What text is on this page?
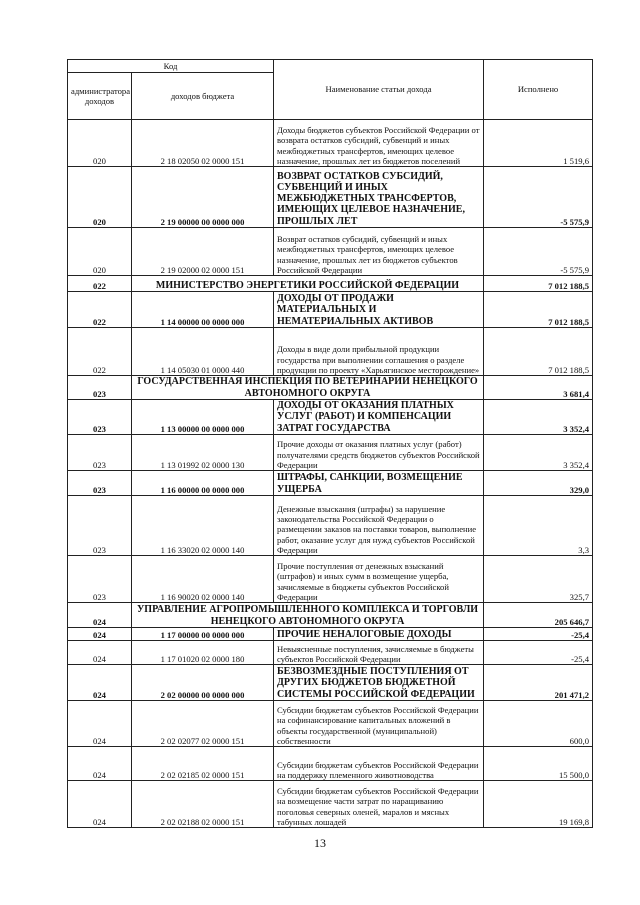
Код		Наименование статьи дохода	Исполнено
администратора доходов	доходов бюджета		
020	2 18 02050 02 0000 151	Доходы бюджетов субъектов Российской Федерации от возврата остатков субсидий, субвенций и иных межбюджетных трансфертов, имеющих целевое назначение, прошлых лет из бюджетов поселений	1 519,6
020	2 19 00000 00 0000 000	ВОЗВРАТ ОСТАТКОВ СУБСИДИЙ, СУБВЕНЦИЙ И ИНЫХ МЕЖБЮДЖЕТНЫХ ТРАНСФЕРТОВ, ИМЕЮЩИХ ЦЕЛЕВОЕ НАЗНАЧЕНИЕ, ПРОШЛЫХ ЛЕТ	-5 575,9
020	2 19 02000 02 0000 151	Возврат остатков субсидий, субвенций и иных межбюджетных трансфертов, имеющих целевое назначение, прошлых лет из бюджетов субъектов Российской Федерации	-5 575,9
022	МИНИСТЕРСТВО ЭНЕРГЕТИКИ РОССИЙСКОЙ ФЕДЕРАЦИИ		7 012 188,5
022	1 14 00000 00 0000 000	ДОХОДЫ ОТ ПРОДАЖИ МАТЕРИАЛЬНЫХ И НЕМАТЕРИАЛЬНЫХ АКТИВОВ	7 012 188,5
022	1 14 05030 01 0000 440	Доходы в виде доли прибыльной продукции государства при выполнении соглашения о разделе продукции по проекту «Харьягинское месторождение»	7 012 188,5
023	ГОСУДАРСТВЕННАЯ ИНСПЕКЦИЯ ПО ВЕТЕРИНАРИИ НЕНЕЦКОГО АВТОНОМНОГО ОКРУГА		3 681,4
023	1 13 00000 00 0000 000	ДОХОДЫ ОТ ОКАЗАНИЯ ПЛАТНЫХ УСЛУГ (РАБОТ) И КОМПЕНСАЦИИ ЗАТРАТ ГОСУДАРСТВА	3 352,4
023	1 13 01992 02 0000 130	Прочие доходы от оказания платных услуг (работ) получателями средств бюджетов субъектов Российской Федерации	3 352,4
023	1 16 00000 00 0000 000	ШТРАФЫ, САНКЦИИ, ВОЗМЕЩЕНИЕ УЩЕРБА	329,0
023	1 16 33020 02 0000 140	Денежные взыскания (штрафы) за нарушение законодательства Российской Федерации о размещении заказов на поставки товаров, выполнение работ, оказание услуг для нужд субъектов Российской Федерации	3,3
023	1 16 90020 02 0000 140	Прочие поступления от денежных взысканий (штрафов) и иных сумм в возмещение ущерба, зачисляемые в бюджеты субъектов Российской Федерации	325,7
024	УПРАВЛЕНИЕ АГРОПРОМЫШЛЕННОГО КОМПЛЕКСА И ТОРГОВЛИ НЕНЕЦКОГО АВТОНОМНОГО ОКРУГА		205 646,7
024	1 17 00000 00 0000 000	ПРОЧИЕ НЕНАЛОГОВЫЕ ДОХОДЫ	-25,4
024	1 17 01020 02 0000 180	Невыясненные поступления, зачисляемые в бюджеты субъектов Российской Федерации	-25,4
024	2 02 00000 00 0000 000	БЕЗВОЗМЕЗДНЫЕ ПОСТУПЛЕНИЯ ОТ ДРУГИХ БЮДЖЕТОВ БЮДЖЕТНОЙ СИСТЕМЫ РОССИЙСКОЙ ФЕДЕРАЦИИ	201 471,2
024	2 02 02077 02 0000 151	Субсидии бюджетам субъектов Российской Федерации на софинансирование капитальных вложений в объекты государственной (муниципальной) собственности	600,0
024	2 02 02185 02 0000 151	Субсидии бюджетам субъектов Российской Федерации на поддержку племенного животноводства	15 500,0
024	2 02 02188 02 0000 151	Субсидии бюджетам субъектов Российской Федерации на возмещение части затрат по наращиванию поголовья северных оленей, маралов и мясных табунных лошадей	19 169,8
13
